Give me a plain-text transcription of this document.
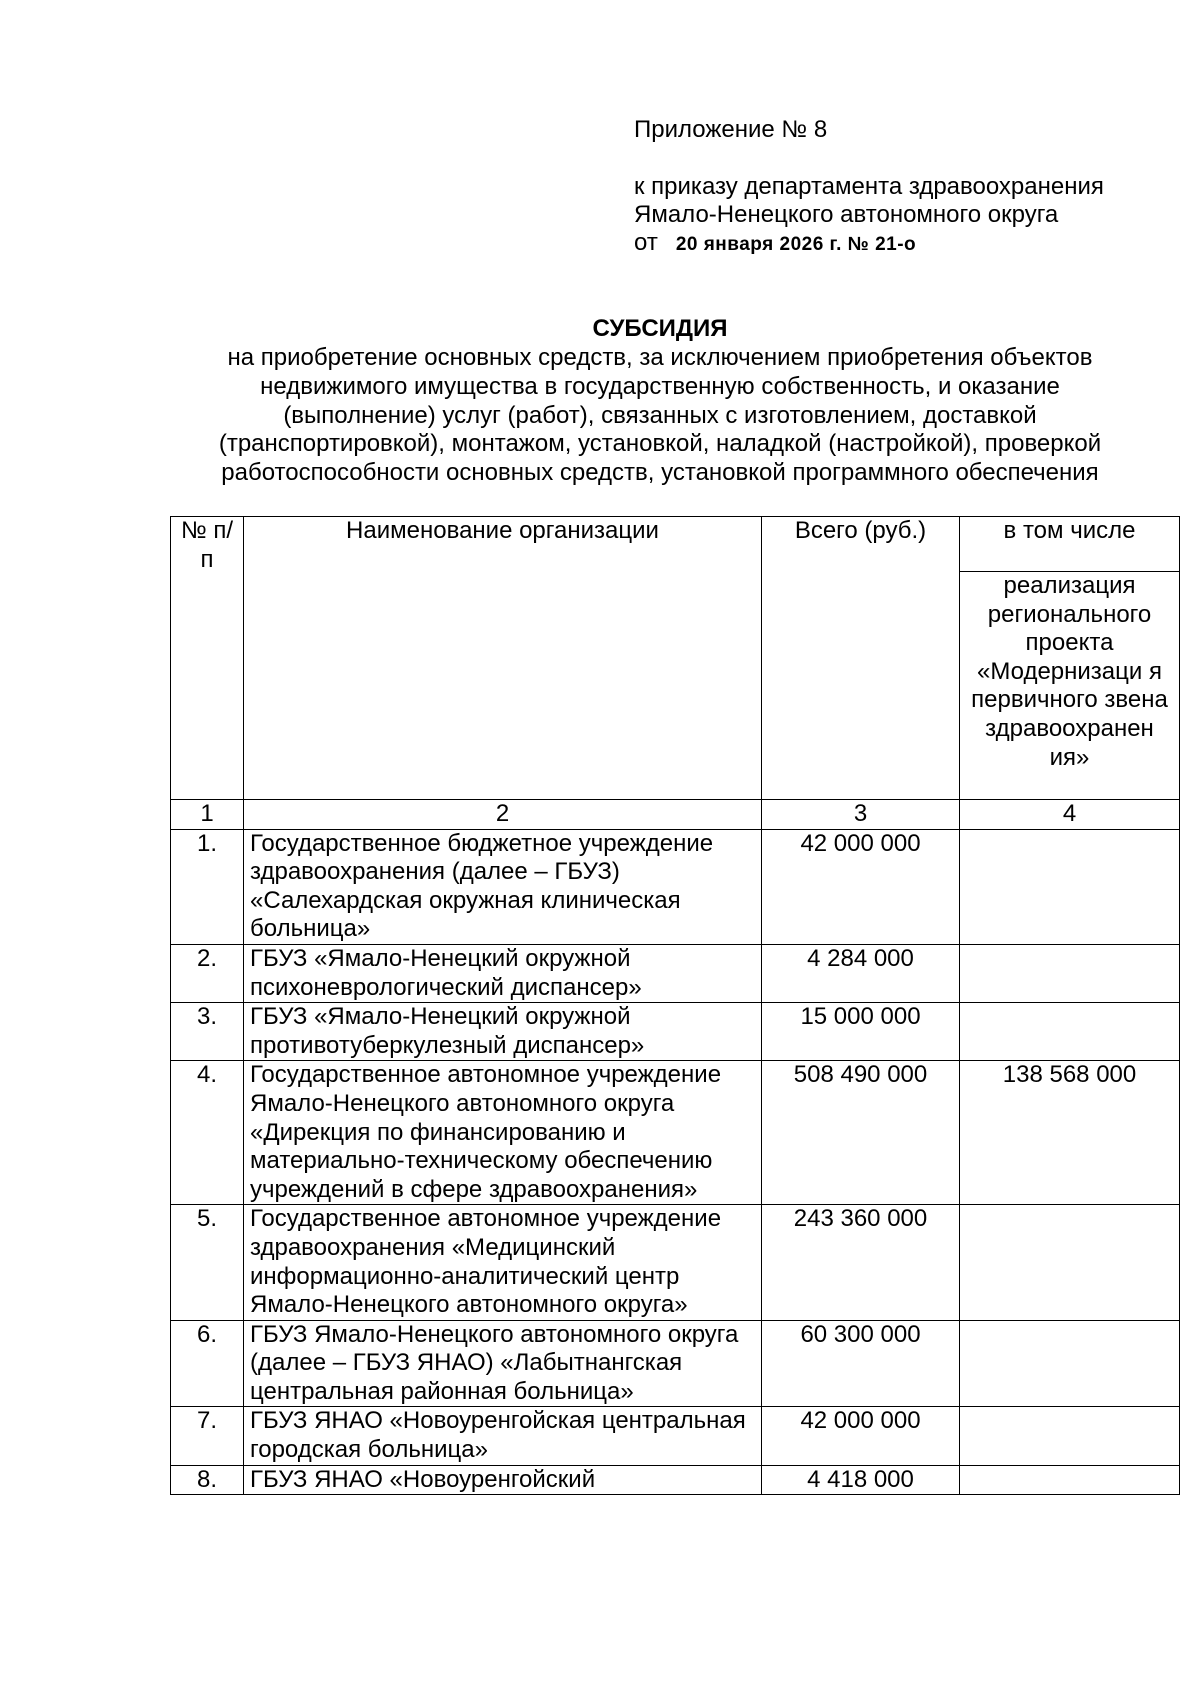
Приложение № 8
к приказу департамента здравоохранения
Ямало-Ненецкого автономного округа
от 20 января 2026 г. № 21-о
СУБСИДИЯ
на приобретение основных средств, за исключением приобретения объектов
недвижимого имущества в государственную собственность, и оказание
(выполнение) услуг (работ), связанных с изготовлением, доставкой
(транспортировкой), монтажом, установкой, наладкой (настройкой), проверкой
работоспособности основных средств, установкой программного обеспечения
№ п/п	Наименование организации	Всего (руб.)	в том числе
			реализация регионального проекта «Модернизаци я первичного звена здравоохранен ия»
1	2	3	4
1.	Государственное бюджетное учреждение здравоохранения (далее – ГБУЗ) «Салехардская окружная клиническая больница»	42 000 000	
2.	ГБУЗ «Ямало-Ненецкий окружной психоневрологический диспансер»	4 284 000	
3.	ГБУЗ «Ямало-Ненецкий окружной противотуберкулезный диспансер»	15 000 000	
4.	Государственное автономное учреждение Ямало-Ненецкого автономного округа «Дирекция по финансированию и материально-техническому обеспечению учреждений в сфере здравоохранения»	508 490 000	138 568 000
5.	Государственное автономное учреждение здравоохранения «Медицинский информационно-аналитический центр Ямало-Ненецкого автономного округа»	243 360 000	
6.	ГБУЗ Ямало-Ненецкого автономного округа (далее – ГБУЗ ЯНАО) «Лабытнангская центральная районная больница»	60 300 000	
7.	ГБУЗ ЯНАО «Новоуренгойская центральная городская больница»	42 000 000	
8.	ГБУЗ ЯНАО «Новоуренгойский	4 418 000	
